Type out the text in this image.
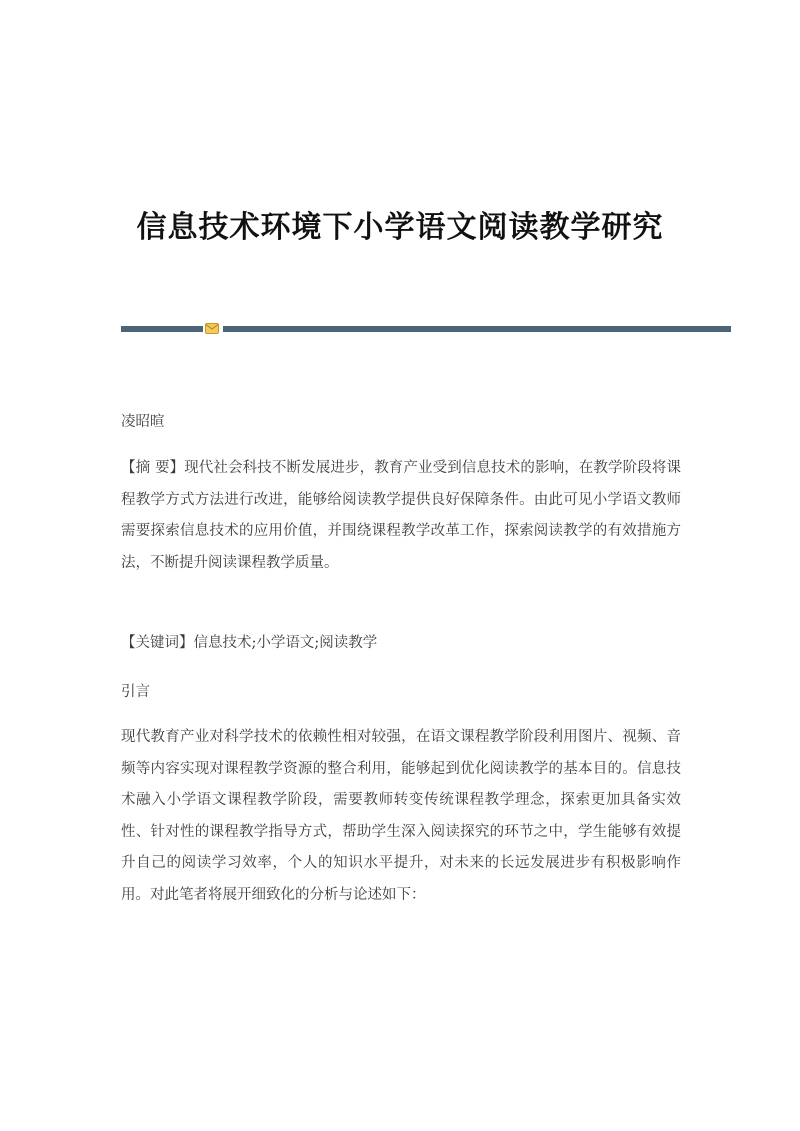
信息技术环境下小学语文阅读教学研究

凌昭暄

【摘 要】现代社会科技不断发展进步，教育产业受到信息技术的影响，在教学阶段将课程教学方式方法进行改进，能够给阅读教学提供良好保障条件。由此可见小学语文教师需要探索信息技术的应用价值，并围绕课程教学改革工作，探索阅读教学的有效措施方法，不断提升阅读课程教学质量。

【关键词】信息技术;小学语文;阅读教学

引言

现代教育产业对科学技术的依赖性相对较强，在语文课程教学阶段利用图片、视频、音频等内容实现对课程教学资源的整合利用，能够起到优化阅读教学的基本目的。信息技术融入小学语文课程教学阶段，需要教师转变传统课程教学理念，探索更加具备实效性、针对性的课程教学指导方式，帮助学生深入阅读探究的环节之中，学生能够有效提升自己的阅读学习效率，个人的知识水平提升，对未来的长远发展进步有积极影响作用。对此笔者将展开细致化的分析与论述如下：
